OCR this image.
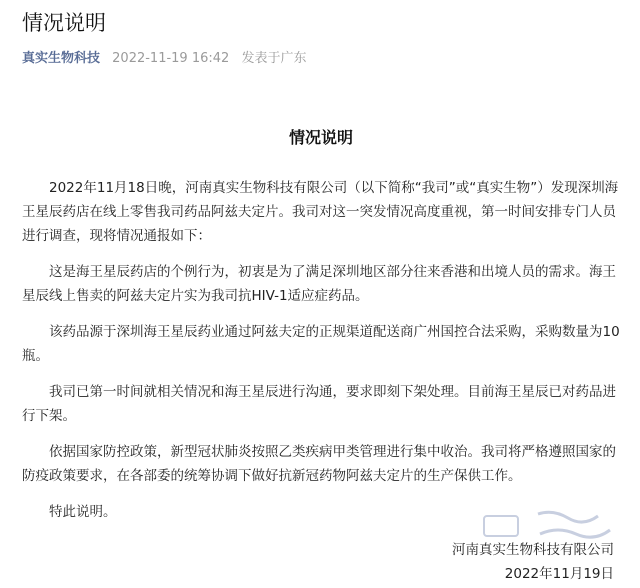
情况说明
真实生物科技 2022-11-19 16:42 发表于广东
情况说明

2022年11月18日晚，河南真实生物科技有限公司（以下简称“我司”或“真实生物”）发现深圳海王星辰药店在线上零售我司药品阿兹夫定片。我司对这一突发情况高度重视，第一时间安排专门人员进行调查，现将情况通报如下：

这是海王星辰药店的个例行为，初衷是为了满足深圳地区部分往来香港和出境人员的需求。海王星辰线上售卖的阿兹夫定片实为我司抗HIV-1适应症药品。

该药品源于深圳海王星辰药业通过阿兹夫定的正规渠道配送商广州国控合法采购，采购数量为10瓶。

我司已第一时间就相关情况和海王星辰进行沟通，要求即刻下架处理。目前海王星辰已对药品进行下架。

依据国家防控政策，新型冠状肺炎按照乙类疾病甲类管理进行集中收治。我司将严格遵照国家的防疫政策要求，在各部委的统筹协调下做好抗新冠药物阿兹夫定片的生产保供工作。

特此说明。

河南真实生物科技有限公司
2022年11月19日
